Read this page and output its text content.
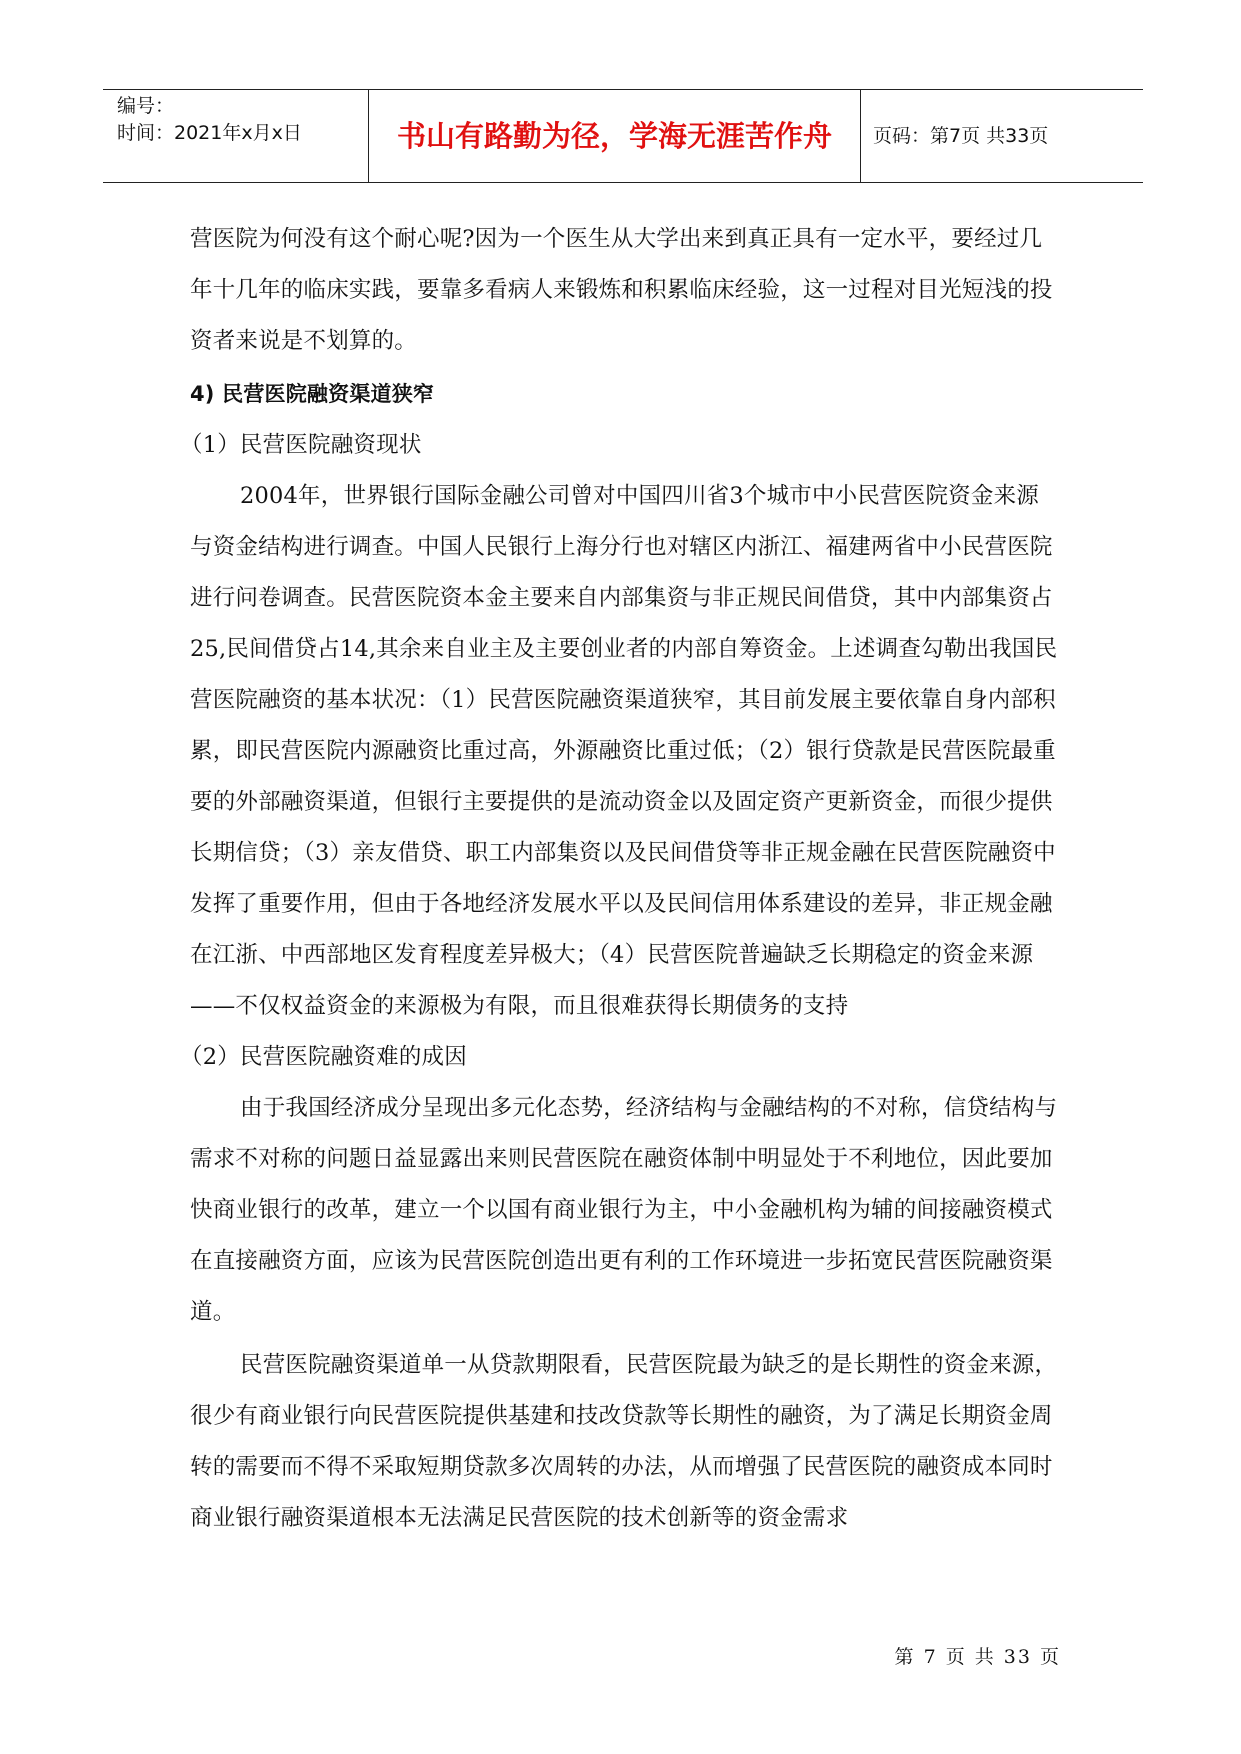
编号：
时间：2021年x月x日	书山有路勤为径，学海无涯苦作舟	页码：第7页 共33页

营医院为何没有这个耐心呢?因为一个医生从大学出来到真正具有一定水平，要经过几年十几年的临床实践，要靠多看病人来锻炼和积累临床经验，这一过程对目光短浅的投资者来说是不划算的。

4) 民营医院融资渠道狭窄

（1）民营医院融资现状

2004年，世界银行国际金融公司曾对中国四川省3个城市中小民营医院资金来源与资金结构进行调查。中国人民银行上海分行也对辖区内浙江、福建两省中小民营医院进行问卷调查。民营医院资本金主要来自内部集资与非正规民间借贷，其中内部集资占25,民间借贷占14,其余来自业主及主要创业者的内部自筹资金。上述调查勾勒出我国民营医院融资的基本状况：（1）民营医院融资渠道狭窄，其目前发展主要依靠自身内部积累，即民营医院内源融资比重过高，外源融资比重过低；（2）银行贷款是民营医院最重要的外部融资渠道，但银行主要提供的是流动资金以及固定资产更新资金，而很少提供长期信贷；（3）亲友借贷、职工内部集资以及民间借贷等非正规金融在民营医院融资中发挥了重要作用，但由于各地经济发展水平以及民间信用体系建设的差异，非正规金融在江浙、中西部地区发育程度差异极大；（4）民营医院普遍缺乏长期稳定的资金来源——不仅权益资金的来源极为有限，而且很难获得长期债务的支持

（2）民营医院融资难的成因

由于我国经济成分呈现出多元化态势，经济结构与金融结构的不对称，信贷结构与需求不对称的问题日益显露出来则民营医院在融资体制中明显处于不利地位，因此要加快商业银行的改革，建立一个以国有商业银行为主，中小金融机构为辅的间接融资模式在直接融资方面，应该为民营医院创造出更有利的工作环境进一步拓宽民营医院融资渠道。

民营医院融资渠道单一从贷款期限看，民营医院最为缺乏的是长期性的资金来源，很少有商业银行向民营医院提供基建和技改贷款等长期性的融资，为了满足长期资金周转的需要而不得不采取短期贷款多次周转的办法，从而增强了民营医院的融资成本同时商业银行融资渠道根本无法满足民营医院的技术创新等的资金需求

第 7 页 共 33 页
